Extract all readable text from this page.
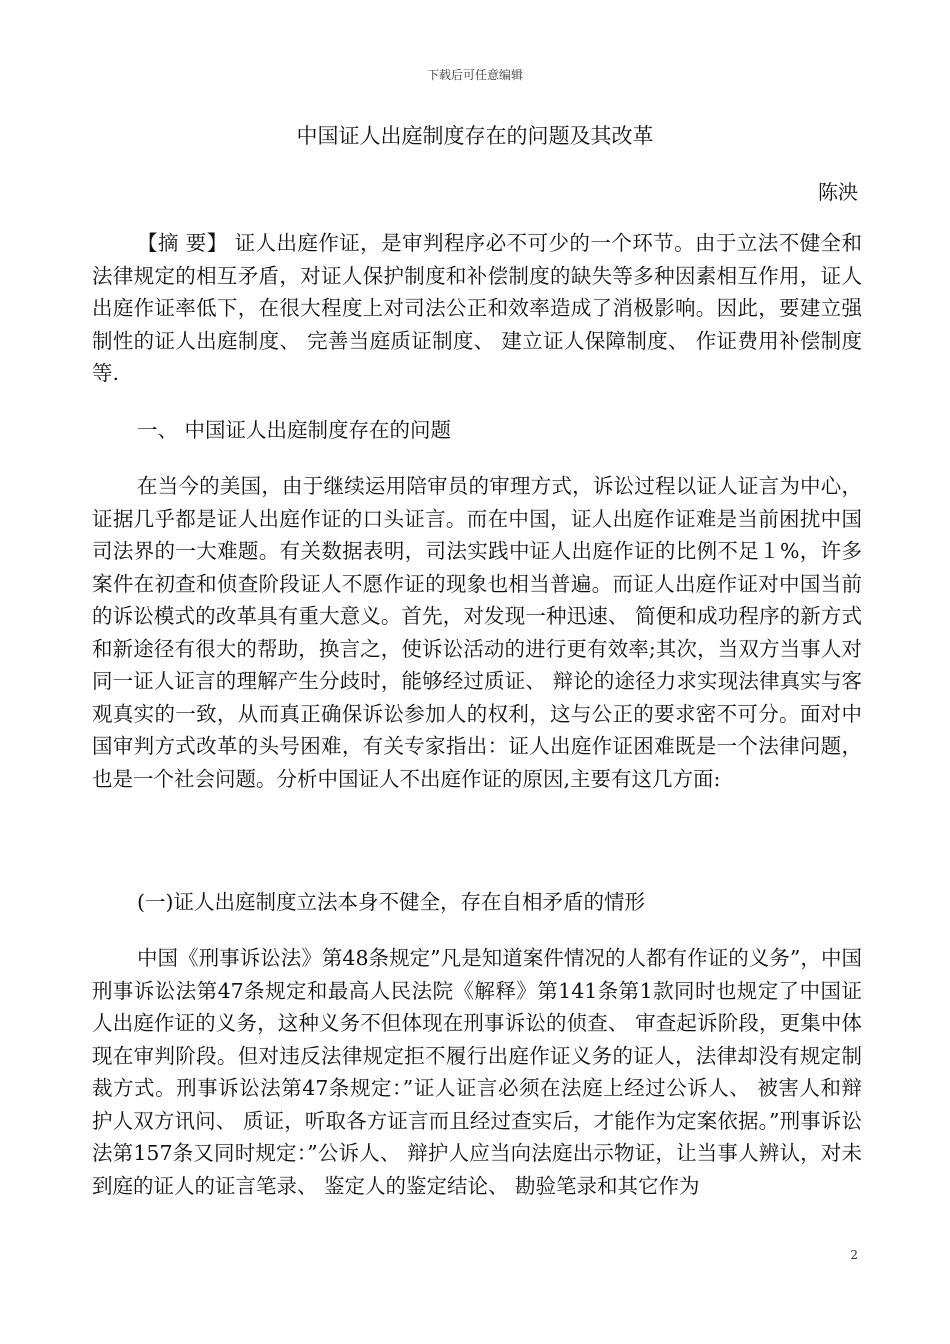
下载后可任意编辑
中国证人出庭制度存在的问题及其改革
陈泱
【摘 要】 证人出庭作证，是审判程序必不可少的一个环节。由于立法不健全和法律规定的相互矛盾，对证人保护制度和补偿制度的缺失等多种因素相互作用，证人出庭作证率低下，在很大程度上对司法公正和效率造成了消极影响。因此，要建立强制性的证人出庭制度、 完善当庭质证制度、 建立证人保障制度、 作证费用补偿制度等.
一、 中国证人出庭制度存在的问题
在当今的美国，由于继续运用陪审员的审理方式，诉讼过程以证人证言为中心，证据几乎都是证人出庭作证的口头证言。而在中国，证人出庭作证难是当前困扰中国司法界的一大难题。有关数据表明，司法实践中证人出庭作证的比例不足１%，许多案件在初查和侦查阶段证人不愿作证的现象也相当普遍。而证人出庭作证对中国当前的诉讼模式的改革具有重大意义。首先，对发现一种迅速、 简便和成功程序的新方式和新途径有很大的帮助，换言之，使诉讼活动的进行更有效率;其次，当双方当事人对同一证人证言的理解产生分歧时，能够经过质证、 辩论的途径力求实现法律真实与客观真实的一致，从而真正确保诉讼参加人的权利，这与公正的要求密不可分。面对中国审判方式改革的头号困难，有关专家指出：证人出庭作证困难既是一个法律问题，也是一个社会问题。分析中国证人不出庭作证的原因,主要有这几方面:
(一)证人出庭制度立法本身不健全，存在自相矛盾的情形
中国《刑事诉讼法》第48条规定”凡是知道案件情况的人都有作证的义务”，中国刑事诉讼法第47条规定和最高人民法院《解释》第141条第1款同时也规定了中国证人出庭作证的义务，这种义务不但体现在刑事诉讼的侦查、 审查起诉阶段，更集中体现在审判阶段。但对违反法律规定拒不履行出庭作证义务的证人，法律却没有规定制裁方式。刑事诉讼法第47条规定：”证人证言必须在法庭上经过公诉人、 被害人和辩护人双方讯问、 质证，听取各方证言而且经过查实后，才能作为定案依据。”刑事诉讼法第157条又同时规定：”公诉人、 辩护人应当向法庭出示物证，让当事人辨认，对未到庭的证人的证言笔录、 鉴定人的鉴定结论、 勘验笔录和其它作为
2
